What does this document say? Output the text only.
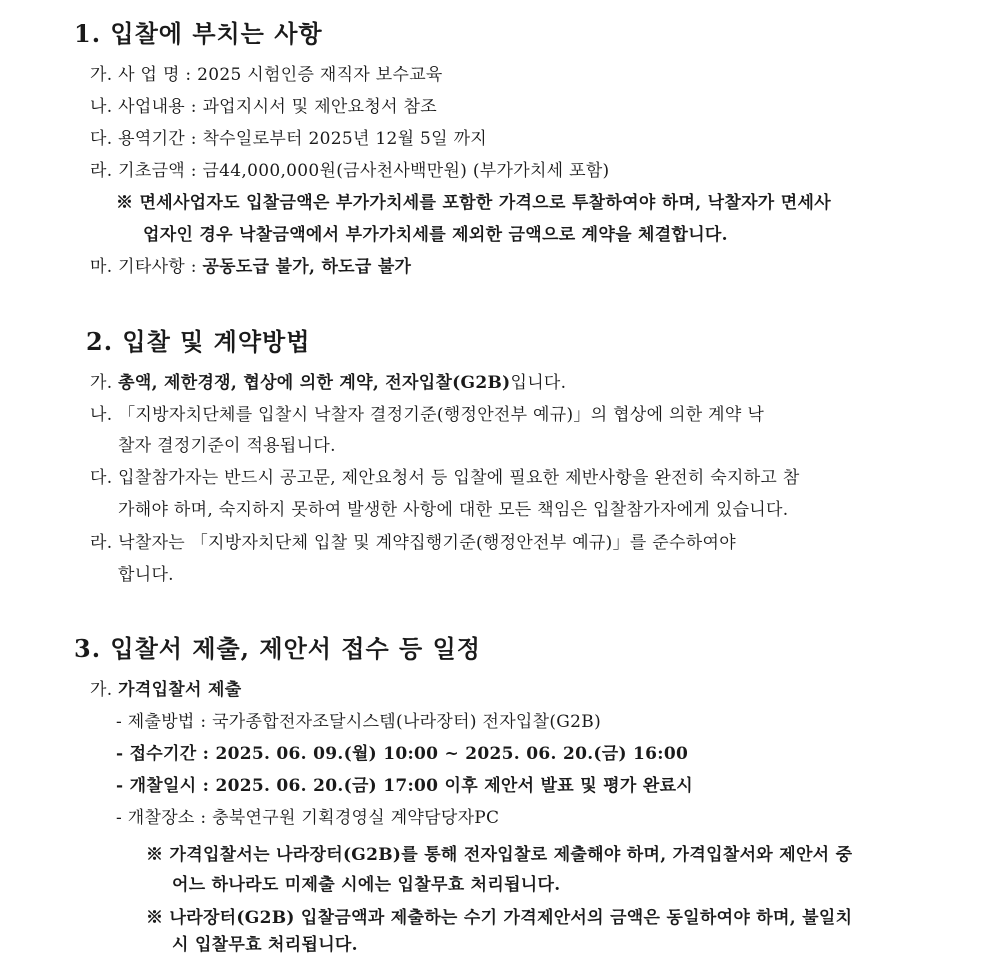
1. 입찰에 부치는 사항
가. 사 업 명 : 2025 시험인증 재직자 보수교육
나. 사업내용 : 과업지시서 및 제안요청서 참조
다. 용역기간 : 착수일로부터 2025년 12월 5일 까지
라. 기초금액 : 금44,000,000원(금사천사백만원) (부가가치세 포함)
※ 면세사업자도 입찰금액은 부가가치세를 포함한 가격으로 투찰하여야 하며, 낙찰자가 면세사
업자인 경우 낙찰금액에서 부가가치세를 제외한 금액으로 계약을 체결합니다.
마. 기타사항 : 공동도급 불가, 하도급 불가
2. 입찰 및 계약방법
가. 총액, 제한경쟁, 협상에 의한 계약, 전자입찰(G2B)입니다.
나. 「지방자치단체를 입찰시 낙찰자 결정기준(행정안전부 예규)」의 협상에 의한 계약 낙
찰자 결정기준이 적용됩니다.
다. 입찰참가자는 반드시 공고문, 제안요청서 등 입찰에 필요한 제반사항을 완전히 숙지하고 참
가해야 하며, 숙지하지 못하여 발생한 사항에 대한 모든 책임은 입찰참가자에게 있습니다.
라. 낙찰자는 「지방자치단체 입찰 및 계약집행기준(행정안전부 예규)」를 준수하여야
합니다.
3. 입찰서 제출, 제안서 접수 등 일정
가. 가격입찰서 제출
- 제출방법 : 국가종합전자조달시스템(나라장터) 전자입찰(G2B)
- 접수기간 : 2025. 06. 09.(월) 10:00 ~ 2025. 06. 20.(금) 16:00
- 개찰일시 : 2025. 06. 20.(금) 17:00 이후 제안서 발표 및 평가 완료시
- 개찰장소 : 충북연구원 기획경영실 계약담당자PC
※ 가격입찰서는 나라장터(G2B)를 통해 전자입찰로 제출해야 하며, 가격입찰서와 제안서 중
어느 하나라도 미제출 시에는 입찰무효 처리됩니다.
※ 나라장터(G2B) 입찰금액과 제출하는 수기 가격제안서의 금액은 동일하여야 하며, 불일치
시 입찰무효 처리됩니다.
